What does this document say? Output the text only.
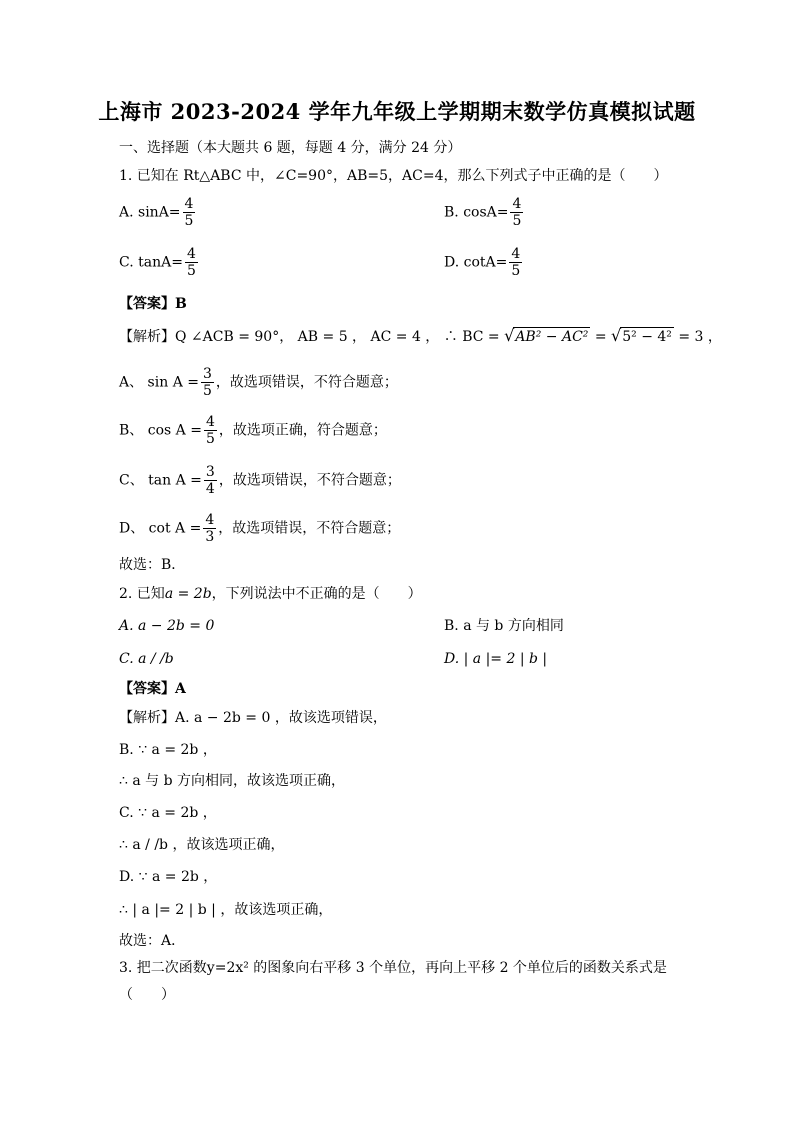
上海市 2023-2024 学年九年级上学期期末数学仿真模拟试题
一、选择题（本大题共 6 题，每题 4 分，满分 24 分）
1. 已知在 Rt△ABC 中，∠C=90°，AB=5，AC=4，那么下列式子中正确的是（　　）
A. $\sin A= \frac{4}{5}$	B. $\cos A= \frac{4}{5}$
C. $\tan A= \frac{4}{5}$	D. $\cot A= \frac{4}{5}$
【答案】B
【解析】Q ∠ACB = 90°， AB = 5 ， AC = 4 ， ∴ BC = √AB² − AC² = √5² − 4² = 3 ，
A、 $\sin A = \frac{3}{5}$ ，故选项错误，不符合题意；
B、 $\cos A = \frac{4}{5}$ ，故选项正确，符合题意；
C、 $\tan A = \frac{3}{4}$ ，故选项错误，不符合题意；
D、 $\cot A = \frac{4}{3}$ ，故选项错误，不符合题意；
故选：B．
2. 已知a = 2b，下列说法中不正确的是（　　）
A. a − 2b = 0	B. a 与 b 方向相同
C. a / /b	D. | a |= 2 | b |
【答案】A
【解析】A. a − 2b = 0 ，故该选项错误，
B. ∵ a = 2b ，
∴ a 与 b 方向相同，故该选项正确，
C. ∵ a = 2b ，
∴ a / /b ，故该选项正确，
D. ∵ a = 2b ，
∴ | a |= 2 | b | ，故该选项正确，
故选：A．
3. 把二次函数y=2x² 的图象向右平移 3 个单位，再向上平移 2 个单位后的函数关系式是
（　　）
